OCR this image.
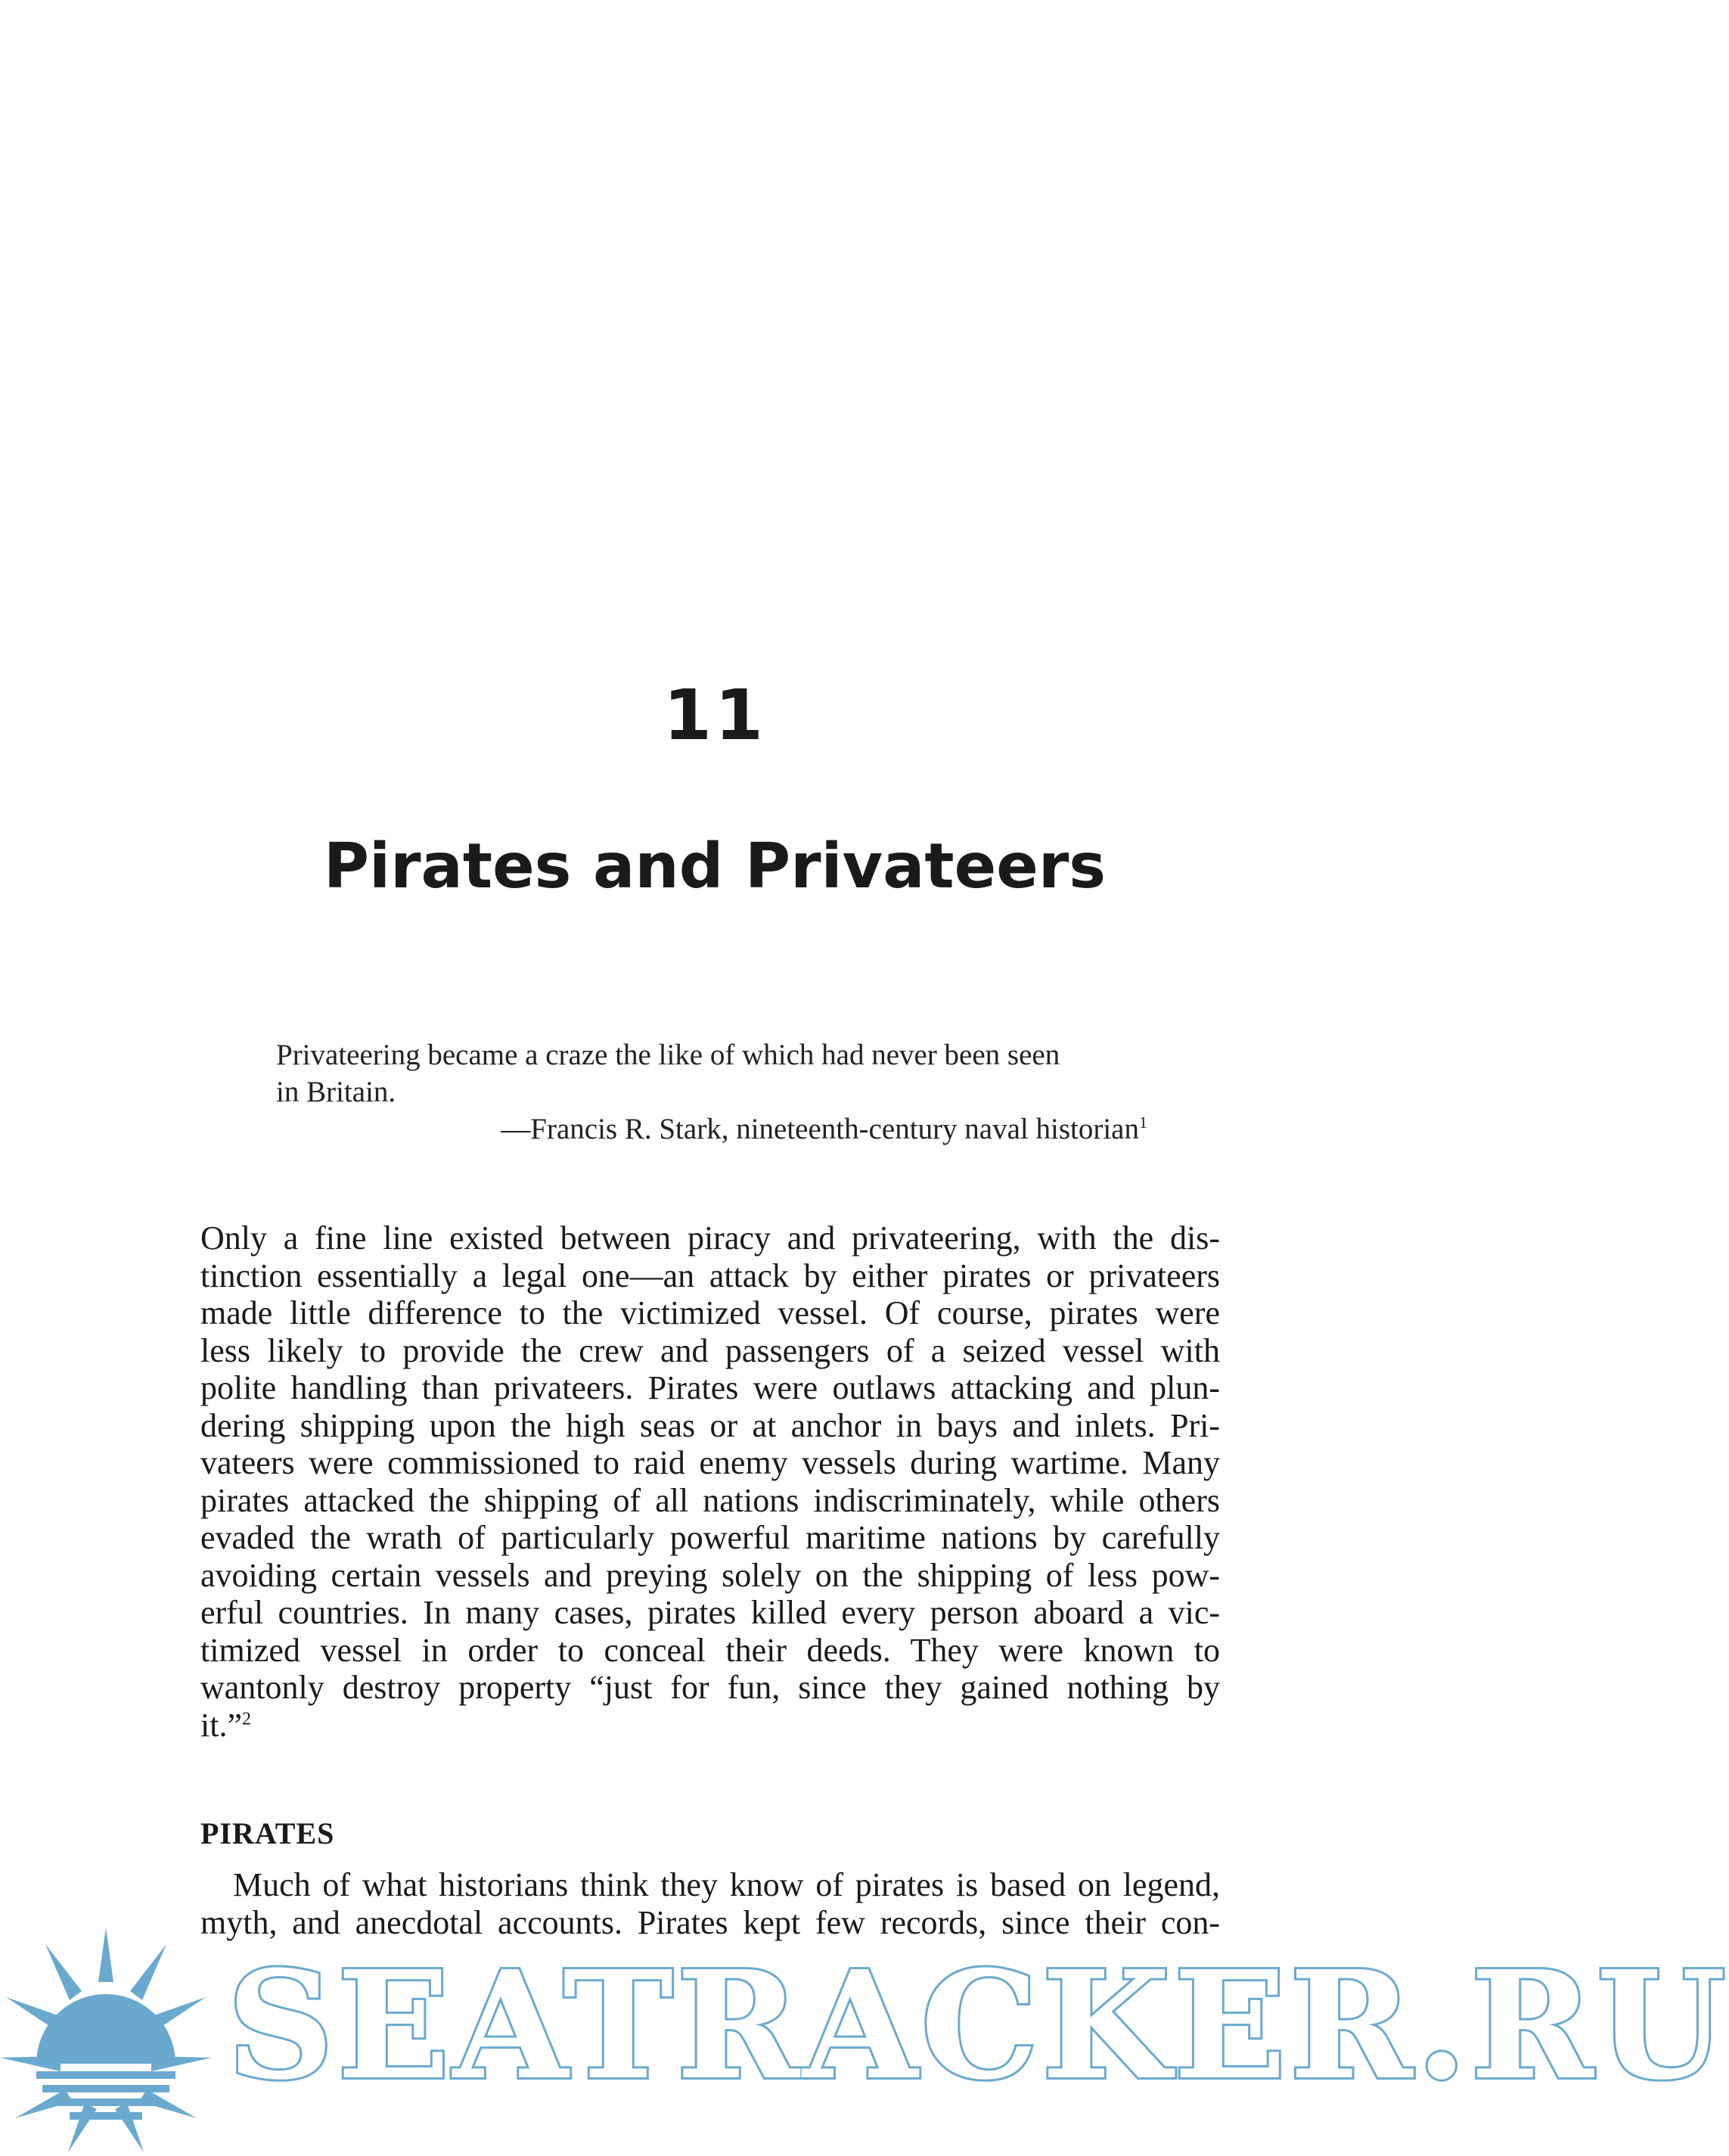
11
Pirates and Privateers
Privateering became a craze the like of which had never been seen
in Britain.
—Francis R. Stark, nineteenth-century naval historian$^1$
Only a fine line existed between piracy and privateering, with the dis-
tinction essentially a legal one—an attack by either pirates or privateers
made little difference to the victimized vessel. Of course, pirates were
less likely to provide the crew and passengers of a seized vessel with
polite handling than privateers. Pirates were outlaws attacking and plun-
dering shipping upon the high seas or at anchor in bays and inlets. Pri-
vateers were commissioned to raid enemy vessels during wartime. Many
pirates attacked the shipping of all nations indiscriminately, while others
evaded the wrath of particularly powerful maritime nations by carefully
avoiding certain vessels and preying solely on the shipping of less pow-
erful countries. In many cases, pirates killed every person aboard a vic-
timized vessel in order to conceal their deeds. They were known to
wantonly destroy property “just for fun, since they gained nothing by
it.”$^2$
PIRATES
Much of what historians think they know of pirates is based on legend,
myth, and anecdotal accounts. Pirates kept few records, since their con-
SEATRACKER.RU
